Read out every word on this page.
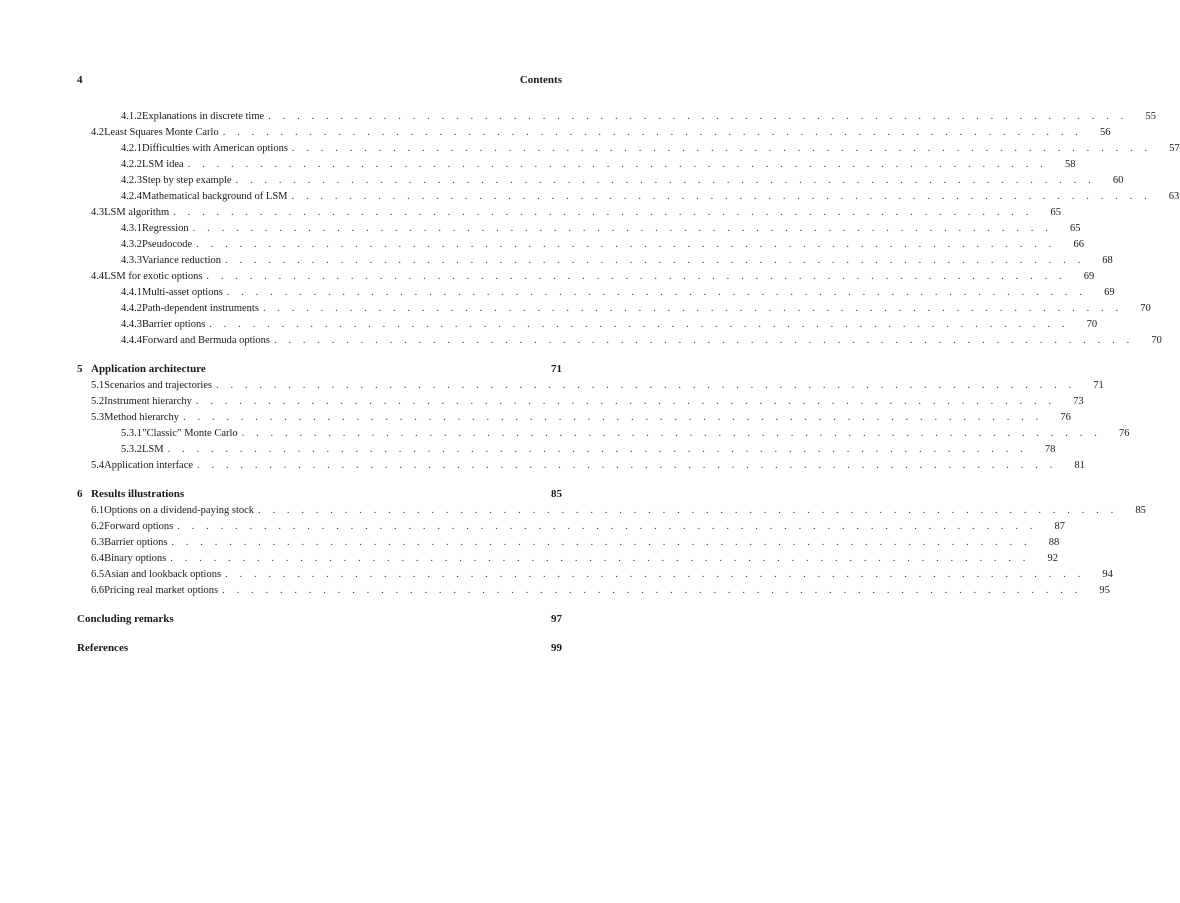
4	Contents
4.1.2 Explanations in discrete time . . . . . . . . . . . . . . . . . . . . . . . . . . . . . . . . . . . . . . . . . . . . . . . . . . . . . . . . . . . .	55
4.2 Least Squares Monte Carlo . . . . . . . . . . . . . . . . . . . . . . . . . . . . . . . . . . . . . . . . . . . . . . . . . . . . . . . . . . . .	56
4.2.1 Difficulties with American options . . . . . . . . . . . . . . . . . . . . . . . . . . . . . . . . . . . . . . . . . . . . . . . . . . . . . . . . . . . .	57
4.2.2 LSM idea . . . . . . . . . . . . . . . . . . . . . . . . . . . . . . . . . . . . . . . . . . . . . . . . . . . . . . . . . . . .	58
4.2.3 Step by step example . . . . . . . . . . . . . . . . . . . . . . . . . . . . . . . . . . . . . . . . . . . . . . . . . . . . . . . . . . . .	60
4.2.4 Mathematical background of LSM . . . . . . . . . . . . . . . . . . . . . . . . . . . . . . . . . . . . . . . . . . . . . . . . . . . . . . . . . . . .	63
4.3 LSM algorithm . . . . . . . . . . . . . . . . . . . . . . . . . . . . . . . . . . . . . . . . . . . . . . . . . . . . . . . . . . . .	65
4.3.1 Regression . . . . . . . . . . . . . . . . . . . . . . . . . . . . . . . . . . . . . . . . . . . . . . . . . . . . . . . . . . . .	65
4.3.2 Pseudocode . . . . . . . . . . . . . . . . . . . . . . . . . . . . . . . . . . . . . . . . . . . . . . . . . . . . . . . . . . . .	66
4.3.3 Variance reduction . . . . . . . . . . . . . . . . . . . . . . . . . . . . . . . . . . . . . . . . . . . . . . . . . . . . . . . . . . . .	68
4.4 LSM for exotic options . . . . . . . . . . . . . . . . . . . . . . . . . . . . . . . . . . . . . . . . . . . . . . . . . . . . . . . . . . . .	69
4.4.1 Multi-asset options . . . . . . . . . . . . . . . . . . . . . . . . . . . . . . . . . . . . . . . . . . . . . . . . . . . . . . . . . . . .	69
4.4.2 Path-dependent instruments . . . . . . . . . . . . . . . . . . . . . . . . . . . . . . . . . . . . . . . . . . . . . . . . . . . . . . . . . . . .	70
4.4.3 Barrier options . . . . . . . . . . . . . . . . . . . . . . . . . . . . . . . . . . . . . . . . . . . . . . . . . . . . . . . . . . . .	70
4.4.4 Forward and Bermuda options . . . . . . . . . . . . . . . . . . . . . . . . . . . . . . . . . . . . . . . . . . . . . . . . . . . . . . . . . . . .	70
5 Application architecture	71
5.1 Scenarios and trajectories . . . . . . . . . . . . . . . . . . . . . . . . . . . . . . . . . . . . . . . . . . . . . . . . . . . . . . . . . . . .	71
5.2 Instrument hierarchy . . . . . . . . . . . . . . . . . . . . . . . . . . . . . . . . . . . . . . . . . . . . . . . . . . . . . . . . . . . .	73
5.3 Method hierarchy . . . . . . . . . . . . . . . . . . . . . . . . . . . . . . . . . . . . . . . . . . . . . . . . . . . . . . . . . . . .	76
5.3.1 ”Classic” Monte Carlo . . . . . . . . . . . . . . . . . . . . . . . . . . . . . . . . . . . . . . . . . . . . . . . . . . . . . . . . . . . .	76
5.3.2 LSM . . . . . . . . . . . . . . . . . . . . . . . . . . . . . . . . . . . . . . . . . . . . . . . . . . . . . . . . . . . .	78
5.4 Application interface . . . . . . . . . . . . . . . . . . . . . . . . . . . . . . . . . . . . . . . . . . . . . . . . . . . . . . . . . . . .	81
6 Results illustrations	85
6.1 Options on a dividend-paying stock . . . . . . . . . . . . . . . . . . . . . . . . . . . . . . . . . . . . . . . . . . . . . . . . . . . . . . . . . . . .	85
6.2 Forward options . . . . . . . . . . . . . . . . . . . . . . . . . . . . . . . . . . . . . . . . . . . . . . . . . . . . . . . . . . . .	87
6.3 Barrier options . . . . . . . . . . . . . . . . . . . . . . . . . . . . . . . . . . . . . . . . . . . . . . . . . . . . . . . . . . . .	88
6.4 Binary options . . . . . . . . . . . . . . . . . . . . . . . . . . . . . . . . . . . . . . . . . . . . . . . . . . . . . . . . . . . .	92
6.5 Asian and lookback options . . . . . . . . . . . . . . . . . . . . . . . . . . . . . . . . . . . . . . . . . . . . . . . . . . . . . . . . . . . .	94
6.6 Pricing real market options . . . . . . . . . . . . . . . . . . . . . . . . . . . . . . . . . . . . . . . . . . . . . . . . . . . . . . . . . . . .	95
Concluding remarks	97
References	99
